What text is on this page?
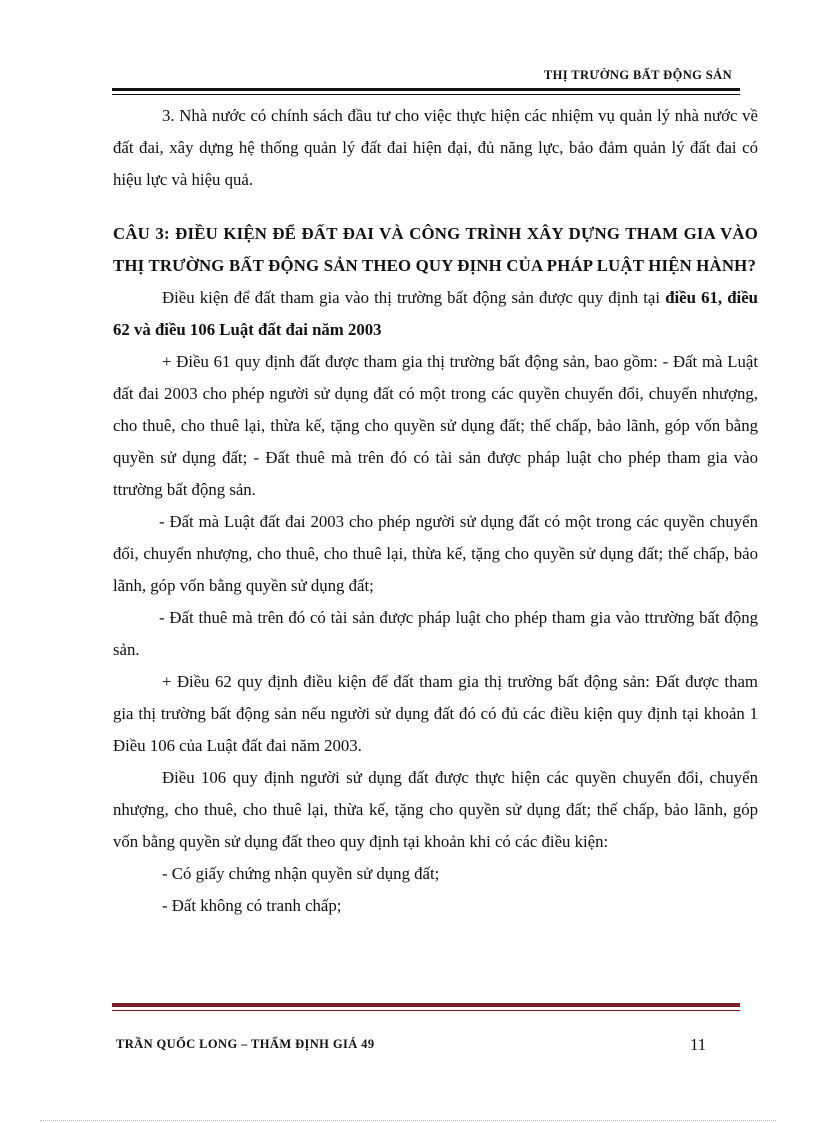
THỊ TRƯỜNG BẤT ĐỘNG SẢN

3. Nhà nước có chính sách đầu tư cho việc thực hiện các nhiệm vụ quản lý nhà nước về đất đai, xây dựng hệ thống quản lý đất đai hiện đại, đủ năng lực, bảo đảm quản lý đất đai có hiệu lực và hiệu quả.

CÂU 3: ĐIỀU KIỆN ĐỂ ĐẤT ĐAI VÀ CÔNG TRÌNH XÂY DỰNG THAM GIA VÀO THỊ TRƯỜNG BẤT ĐỘNG SẢN THEO QUY ĐỊNH CỦA PHÁP LUẬT HIỆN HÀNH?

Điều kiện để đất tham gia vào thị trường bất động sản được quy định tại điều 61, điều 62 và điều 106 Luật đất đai năm 2003

+ Điều 61 quy định đất được tham gia thị trường bất động sản, bao gồm: - Đất mà Luật đất đai 2003 cho phép người sử dụng đất có một trong các quyền chuyển đổi, chuyển nhượng, cho thuê, cho thuê lại, thừa kế, tặng cho quyền sử dụng đất; thế chấp, bảo lãnh, góp vốn bằng quyền sử dụng đất; - Đất thuê mà trên đó có tài sản được pháp luật cho phép tham gia vào ttrường bất động sản.

- Đất mà Luật đất đai 2003 cho phép người sử dụng đất có một trong các quyền chuyển đổi, chuyển nhượng, cho thuê, cho thuê lại, thừa kế, tặng cho quyền sử dụng đất; thế chấp, bảo lãnh, góp vốn bằng quyền sử dụng đất;

- Đất thuê mà trên đó có tài sản được pháp luật cho phép tham gia vào ttrường bất động sản.

+ Điều 62 quy định điều kiện để đất tham gia thị trường bất động sản: Đất được tham gia thị trường bất động sản nếu người sử dụng đất đó có đủ các điều kiện quy định tại khoản 1 Điều 106 của Luật đất đai năm 2003.

Điều 106 quy định người sử dụng đất được thực hiện các quyền chuyển đổi, chuyển nhượng, cho thuê, cho thuê lại, thừa kế, tặng cho quyền sử dụng đất; thế chấp, bảo lãnh, góp vốn bằng quyền sử dụng đất theo quy định tại khoản khi có các điều kiện:

- Có giấy chứng nhận quyền sử dụng đất;

- Đất không có tranh chấp;

TRẦN QUỐC LONG – THẨM ĐỊNH GIÁ 49	11
